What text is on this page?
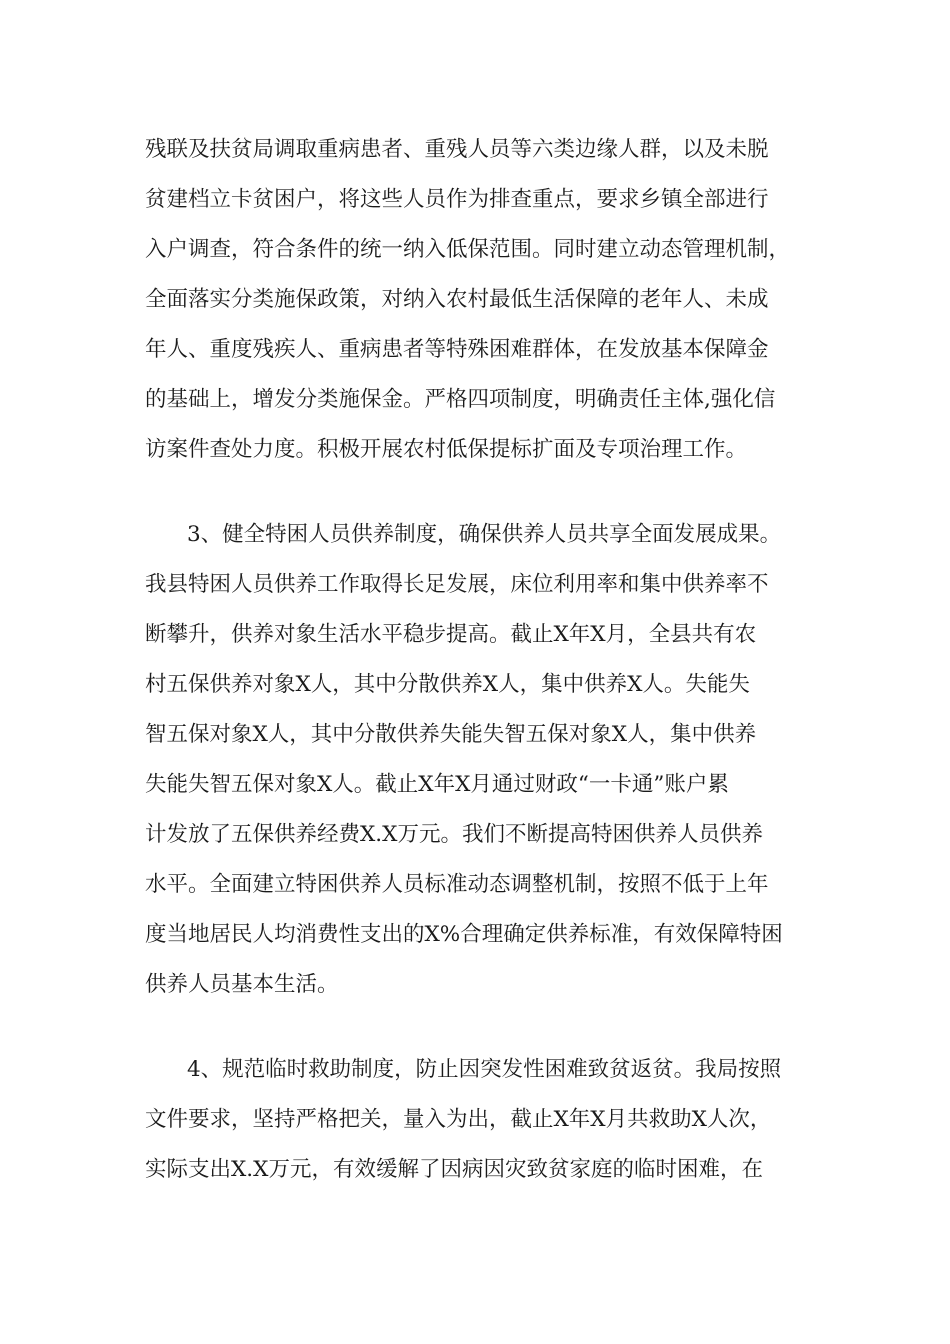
残联及扶贫局调取重病患者、重残人员等六类边缘人群，以及未脱
贫建档立卡贫困户，将这些人员作为排查重点，要求乡镇全部进行
入户调查，符合条件的统一纳入低保范围。同时建立动态管理机制，
全面落实分类施保政策，对纳入农村最低生活保障的老年人、未成
年人、重度残疾人、重病患者等特殊困难群体，在发放基本保障金
的基础上，增发分类施保金。严格四项制度，明确责任主体,强化信
访案件查处力度。积极开展农村低保提标扩面及专项治理工作。
3、健全特困人员供养制度，确保供养人员共享全面发展成果。
我县特困人员供养工作取得长足发展，床位利用率和集中供养率不
断攀升，供养对象生活水平稳步提高。截止X年X月，全县共有农
村五保供养对象X人，其中分散供养X人，集中供养X人。失能失
智五保对象X人，其中分散供养失能失智五保对象X人，集中供养
失能失智五保对象X人。截止X年X月通过财政“一卡通”账户累
计发放了五保供养经费X.X万元。我们不断提高特困供养人员供养
水平。全面建立特困供养人员标准动态调整机制，按照不低于上年
度当地居民人均消费性支出的X%合理确定供养标准，有效保障特困
供养人员基本生活。
4、规范临时救助制度，防止因突发性困难致贫返贫。我局按照
文件要求，坚持严格把关，量入为出，截止X年X月共救助X人次，
实际支出X.X万元，有效缓解了因病因灾致贫家庭的临时困难，在
